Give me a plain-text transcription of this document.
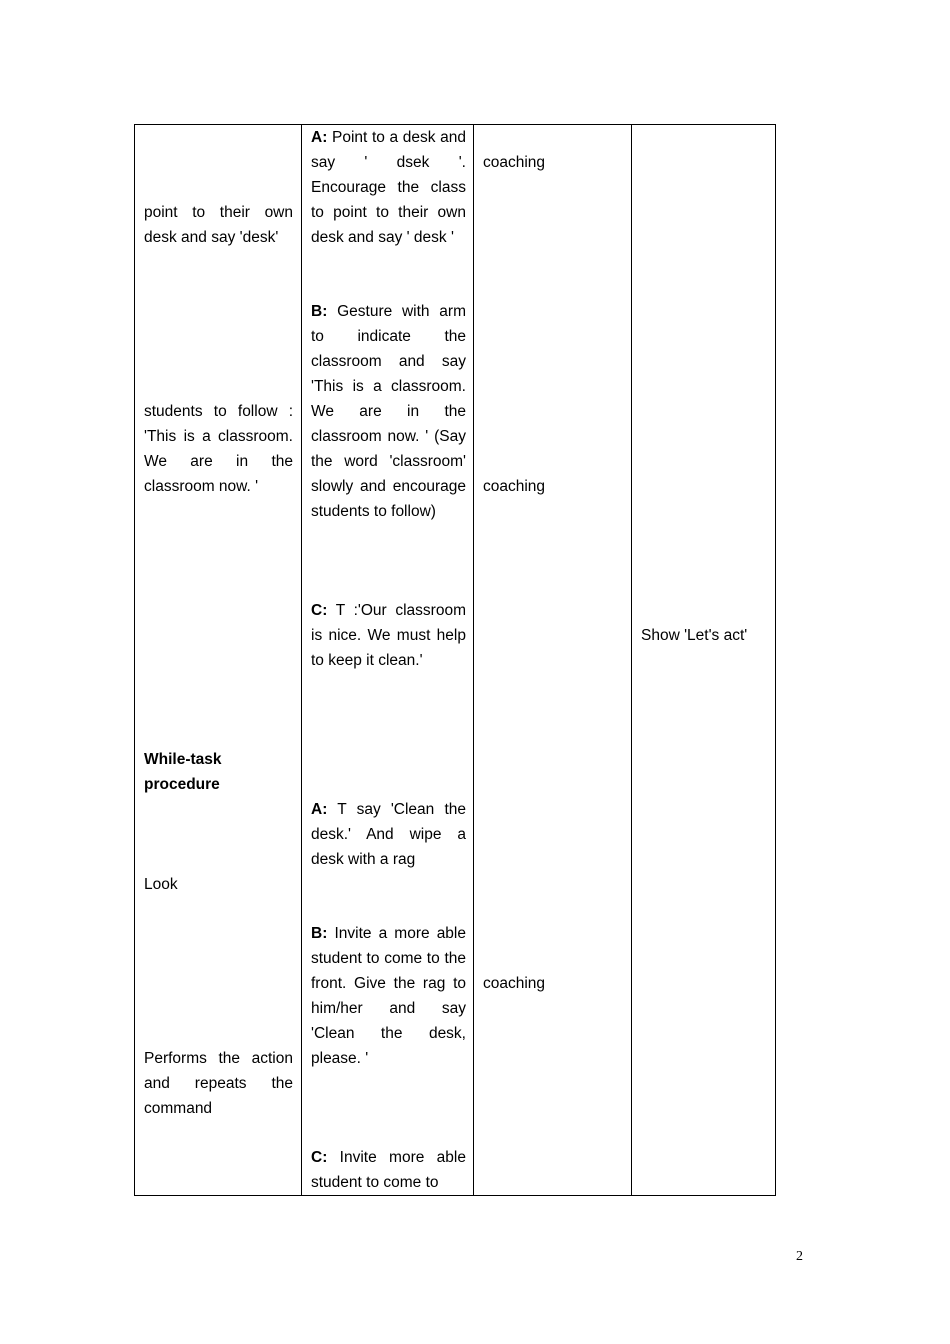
point to their own desk and say 'desk'

students to follow : 'This is a classroom. We are in the classroom now. '

While-task procedure

Look

Performs the action and repeats the command

A: Point to a desk and say ' dsek '. Encourage the class to point to their own desk and say ' desk '

B: Gesture with arm to indicate the classroom and say 'This is a classroom. We are in the classroom now. ' (Say the word 'classroom' slowly and encourage students to follow)

C: T :'Our classroom is nice. We must help to keep it clean.'

A: T say 'Clean the desk.' And wipe a desk with a rag

B: Invite a more able student to come to the front. Give the rag to him/her and say 'Clean the desk, please. '

C: Invite more able student to come to

coaching

coaching

coaching

Show 'Let's act'

2
